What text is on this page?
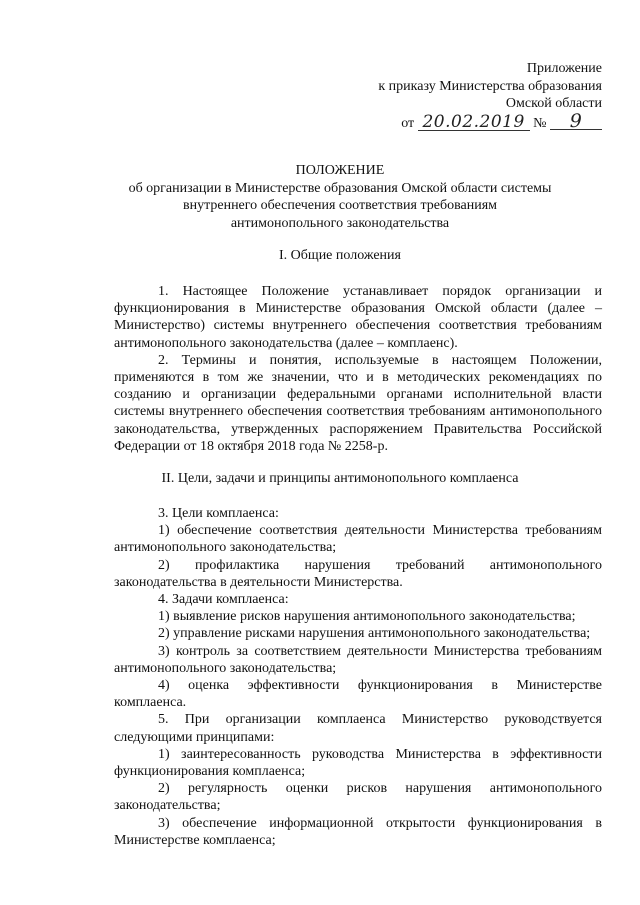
Приложение
к приказу Министерства образования
Омской области
от 20.02.2019 № 9
ПОЛОЖЕНИЕ
об организации в Министерстве образования Омской области системы
внутреннего обеспечения соответствия требованиям
антимонопольного законодательства
I. Общие положения

1. Настоящее Положение устанавливает порядок организации и функционирования в Министерстве образования Омской области (далее – Министерство) системы внутреннего обеспечения соответствия требованиям антимонопольного законодательства (далее – комплаенс).

2. Термины и понятия, используемые в настоящем Положении, применяются в том же значении, что и в методических рекомендациях по созданию и организации федеральными органами исполнительной власти системы внутреннего обеспечения соответствия требованиям антимонопольного законодательства, утвержденных распоряжением Правительства Российской Федерации от 18 октября 2018 года № 2258-р.

II. Цели, задачи и принципы антимонопольного комплаенса

3. Цели комплаенса:

1) обеспечение соответствия деятельности Министерства требованиям антимонопольного законодательства;

2) профилактика нарушения требований антимонопольного законодательства в деятельности Министерства.

4. Задачи комплаенса:

1) выявление рисков нарушения антимонопольного законодательства;

2) управление рисками нарушения антимонопольного законодательства;

3) контроль за соответствием деятельности Министерства требованиям антимонопольного законодательства;

4) оценка эффективности функционирования в Министерстве комплаенса.

5. При организации комплаенса Министерство руководствуется следующими принципами:

1) заинтересованность руководства Министерства в эффективности функционирования комплаенса;

2) регулярность оценки рисков нарушения антимонопольного законодательства;

3) обеспечение информационной открытости функционирования в Министерстве комплаенса;
